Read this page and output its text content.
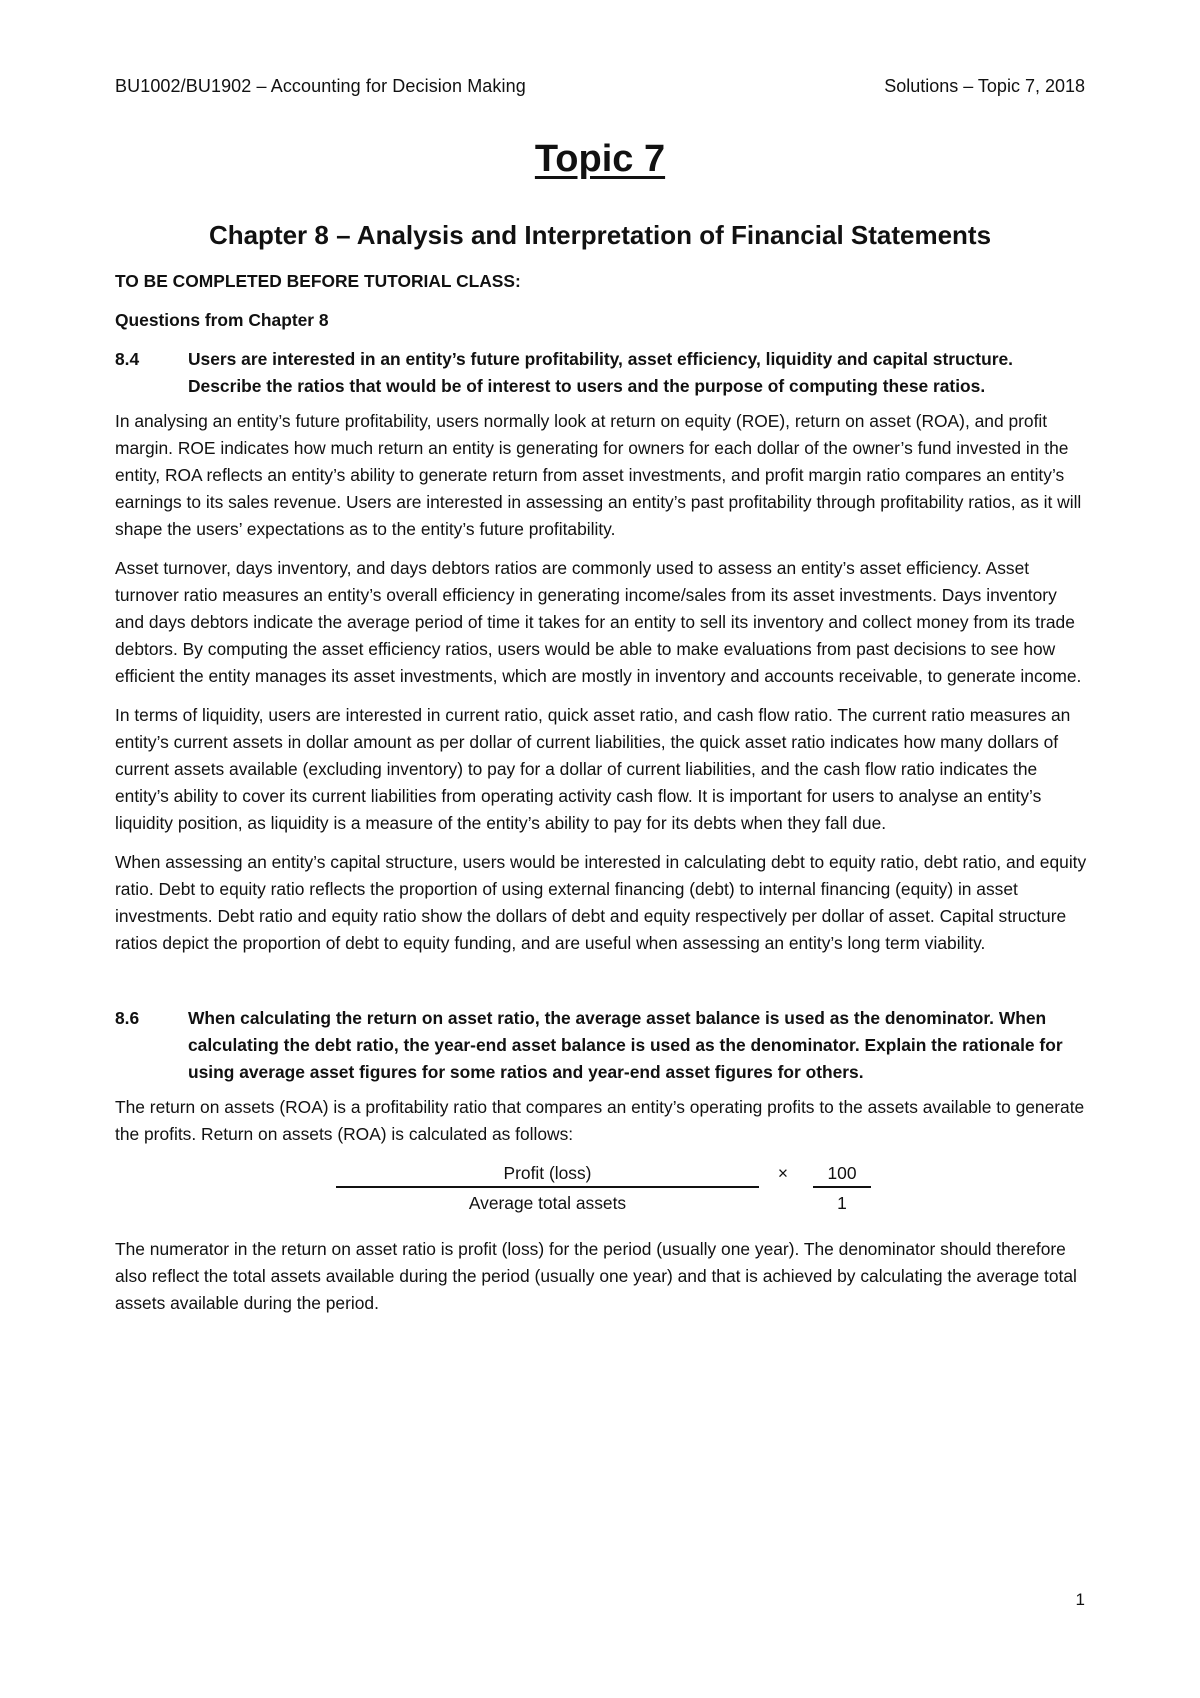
BU1002/BU1902 – Accounting for Decision Making	Solutions – Topic 7, 2018
Topic 7
Chapter 8 – Analysis and Interpretation of Financial Statements

TO BE COMPLETED BEFORE TUTORIAL CLASS:

Questions from Chapter 8

8.4	Users are interested in an entity’s future profitability, asset efficiency, liquidity and capital structure. Describe the ratios that would be of interest to users and the purpose of computing these ratios.

In analysing an entity’s future profitability, users normally look at return on equity (ROE), return on asset (ROA), and profit margin. ROE indicates how much return an entity is generating for owners for each dollar of the owner’s fund invested in the entity, ROA reflects an entity’s ability to generate return from asset investments, and profit margin ratio compares an entity’s earnings to its sales revenue. Users are interested in assessing an entity’s past profitability through profitability ratios, as it will shape the users’ expectations as to the entity’s future profitability.

Asset turnover, days inventory, and days debtors ratios are commonly used to assess an entity’s asset efficiency. Asset turnover ratio measures an entity’s overall efficiency in generating income/sales from its asset investments. Days inventory and days debtors indicate the average period of time it takes for an entity to sell its inventory and collect money from its trade debtors. By computing the asset efficiency ratios, users would be able to make evaluations from past decisions to see how efficient the entity manages its asset investments, which are mostly in inventory and accounts receivable, to generate income.

In terms of liquidity, users are interested in current ratio, quick asset ratio, and cash flow ratio. The current ratio measures an entity’s current assets in dollar amount as per dollar of current liabilities, the quick asset ratio indicates how many dollars of current assets available (excluding inventory) to pay for a dollar of current liabilities, and the cash flow ratio indicates the entity’s ability to cover its current liabilities from operating activity cash flow. It is important for users to analyse an entity’s liquidity position, as liquidity is a measure of the entity’s ability to pay for its debts when they fall due.

When assessing an entity’s capital structure, users would be interested in calculating debt to equity ratio, debt ratio, and equity ratio. Debt to equity ratio reflects the proportion of using external financing (debt) to internal financing (equity) in asset investments. Debt ratio and equity ratio show the dollars of debt and equity respectively per dollar of asset. Capital structure ratios depict the proportion of debt to equity funding, and are useful when assessing an entity’s long term viability.

8.6	When calculating the return on asset ratio, the average asset balance is used as the denominator. When calculating the debt ratio, the year-end asset balance is used as the denominator. Explain the rationale for using average asset figures for some ratios and year-end asset figures for others.

The return on assets (ROA) is a profitability ratio that compares an entity’s operating profits to the assets available to generate the profits. Return on assets (ROA) is calculated as follows:

Profit (loss)
Average total assets
×	100
1

The numerator in the return on asset ratio is profit (loss) for the period (usually one year). The denominator should therefore also reflect the total assets available during the period (usually one year) and that is achieved by calculating the average total assets available during the period.

1
